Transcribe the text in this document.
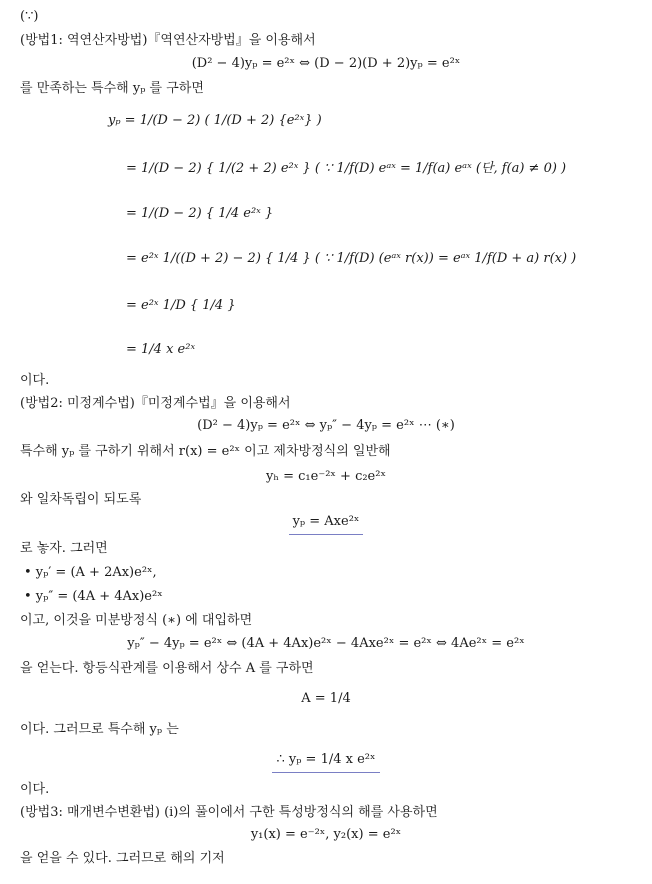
(∵)
(방법1: 역연산자방법)『역연산자방법』을 이용해서
(D² − 4)yₚ = e²ˣ ⇔ (D − 2)(D + 2)yₚ = e²ˣ
를 만족하는 특수해 yₚ 를 구하면
yₚ = 1/(D − 2) ( 1/(D + 2) {e²ˣ} )
= 1/(D − 2) { 1/(2 + 2) e²ˣ } ( ∵ 1/f(D) eᵃˣ = 1/f(a) eᵃˣ (단, f(a) ≠ 0) )
= 1/(D − 2) { 1/4 e²ˣ }
= e²ˣ 1/((D + 2) − 2) { 1/4 } ( ∵ 1/f(D) (eᵃˣ r(x)) = eᵃˣ 1/f(D + a) r(x) )
= e²ˣ 1/D { 1/4 }
= 1/4 x e²ˣ
이다.
(방법2: 미정계수법)『미정계수법』을 이용해서
(D² − 4)yₚ = e²ˣ ⇔ yₚ″ − 4yₚ = e²ˣ ⋯ (∗)
특수해 yₚ 를 구하기 위해서 r(x) = e²ˣ 이고 제차방정식의 일반해
yₕ = c₁e⁻²ˣ + c₂e²ˣ
와 일차독립이 되도록
yₚ = Axe²ˣ
로 놓자. 그러면
• yₚ′ = (A + 2Ax)e²ˣ,
• yₚ″ = (4A + 4Ax)e²ˣ
이고, 이것을 미분방정식 (∗) 에 대입하면
yₚ″ − 4yₚ = e²ˣ ⇔ (4A + 4Ax)e²ˣ − 4Axe²ˣ = e²ˣ ⇔ 4Ae²ˣ = e²ˣ
을 얻는다. 항등식관계를 이용해서 상수 A 를 구하면
A = 1/4
이다. 그러므로 특수해 yₚ 는
∴ yₚ = 1/4 x e²ˣ
이다.
(방법3: 매개변수변환법) (i)의 풀이에서 구한 특성방정식의 해를 사용하면
y₁(x) = e⁻²ˣ, y₂(x) = e²ˣ
을 얻을 수 있다. 그러므로 해의 기저
